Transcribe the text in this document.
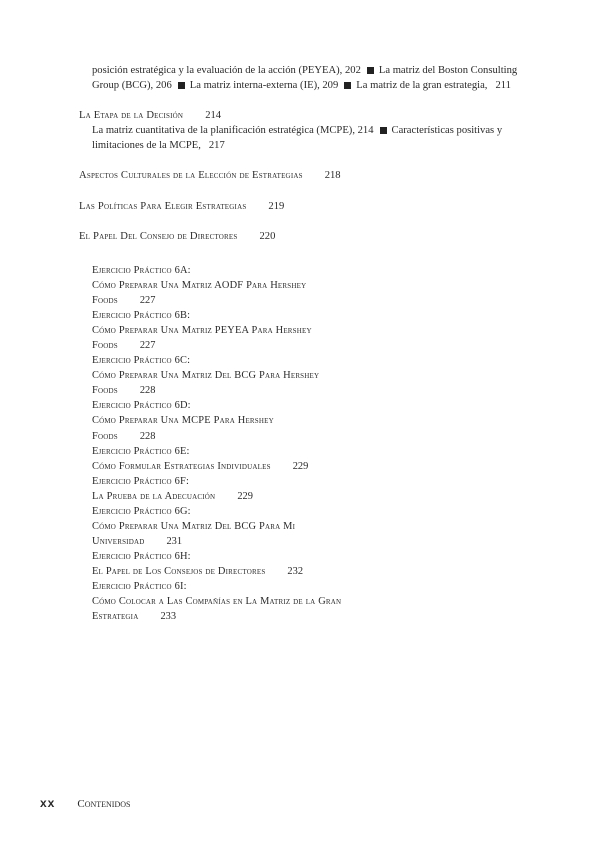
posición estratégica y la evaluación de la acción (PEYEA), 202 La matriz del Boston Consulting
Group (BCG), 206 La matriz interna-externa (IE), 209 La matriz de la gran estrategia, 211
La Etapa de la Decisión 214
La matriz cuantitativa de la planificación estratégica (MCPE), 214 Características positivas y
limitaciones de la MCPE, 217
Aspectos Culturales de la Elección de Estrategias 218
Las Políticas Para Elegir Estrategias 219
El Papel Del Consejo de Directores 220
Ejercicio Práctico 6A:
Cómo Preparar Una Matriz AODF Para Hershey
Foods 227
Ejercicio Práctico 6B:
Cómo Preparar Una Matriz PEYEA Para Hershey
Foods 227
Ejercicio Práctico 6C:
Cómo Preparar Una Matriz Del BCG Para Hershey
Foods 228
Ejercicio Práctico 6D:
Cómo Preparar Una MCPE Para Hershey
Foods 228
Ejercicio Práctico 6E:
Cómo Formular Estrategias Individuales 229
Ejercicio Práctico 6F:
La Prueba de la Adecuación 229
Ejercicio Práctico 6G:
Cómo Preparar Una Matriz Del BCG Para Mi
Universidad 231
Ejercicio Práctico 6H:
El Papel de Los Consejos de Directores 232
Ejercicio Práctico 6I:
Cómo Colocar a Las Compañías en La Matriz de la Gran
Estrategia 233
xx Contenidos
